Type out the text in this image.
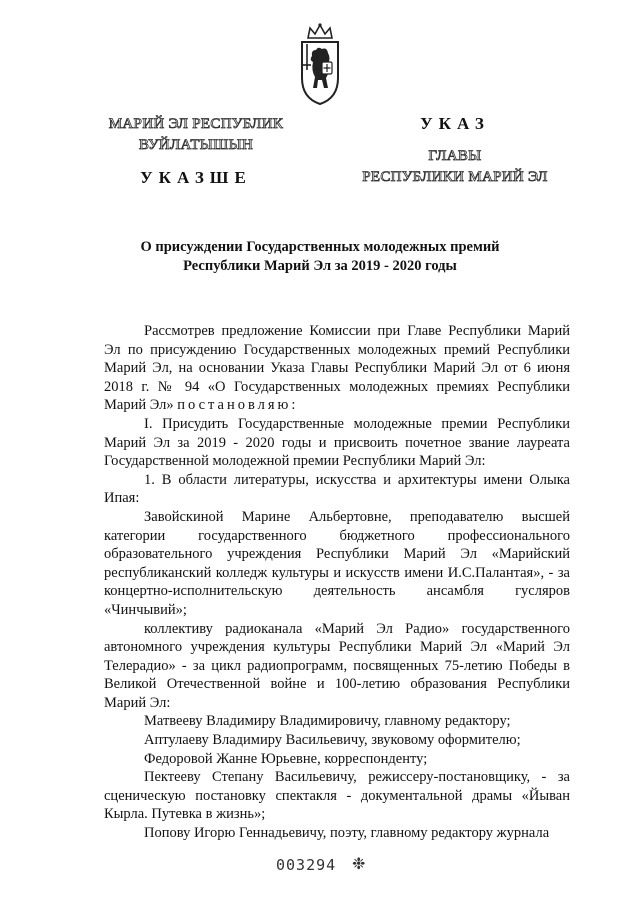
МАРИЙ ЭЛ РЕСПУБЛИК
ВУЙЛАТЫШЫН
УКАЗШЕ
УКАЗ
ГЛАВЫ
РЕСПУБЛИКИ МАРИЙ ЭЛ
О присуждении Государственных молодежных премий
Республики Марий Эл за 2019 - 2020 годы

Рассмотрев предложение Комиссии при Главе Республики Марий Эл по присуждению Государственных молодежных премий Республики Марий Эл, на основании Указа Главы Республики Марий Эл от 6 июня 2018 г. № 94 «О Государственных молодежных премиях Республики Марий Эл» постановляю:

I. Присудить Государственные молодежные премии Республики Марий Эл за 2019 - 2020 годы и присвоить почетное звание лауреата Государственной молодежной премии Республики Марий Эл:

1. В области литературы, искусства и архитектуры имени Олыка Ипая:

Завойскиной Марине Альбертовне, преподавателю высшей категории государственного бюджетного профессионального образовательного учреждения Республики Марий Эл «Марийский республиканский колледж культуры и искусств имени И.С.Палантая», - за концертно-исполнительскую деятельность ансамбля гусляров «Чинчывий»;

коллективу радиоканала «Марий Эл Радио» государственного автономного учреждения культуры Республики Марий Эл «Марий Эл Телерадио» - за цикл радиопрограмм, посвященных 75-летию Победы в Великой Отечественной войне и 100-летию образования Республики Марий Эл:

Матвееву Владимиру Владимировичу, главному редактору;

Аптулаеву Владимиру Васильевичу, звуковому оформителю;

Федоровой Жанне Юрьевне, корреспонденту;

Пектееву Степану Васильевичу, режиссеру-постановщику, - за сценическую постановку спектакля - документальной драмы «Йыван Кырла. Путевка в жизнь»;

Попову Игорю Геннадьевичу, поэту, главному редактору журнала

003294 ❉
